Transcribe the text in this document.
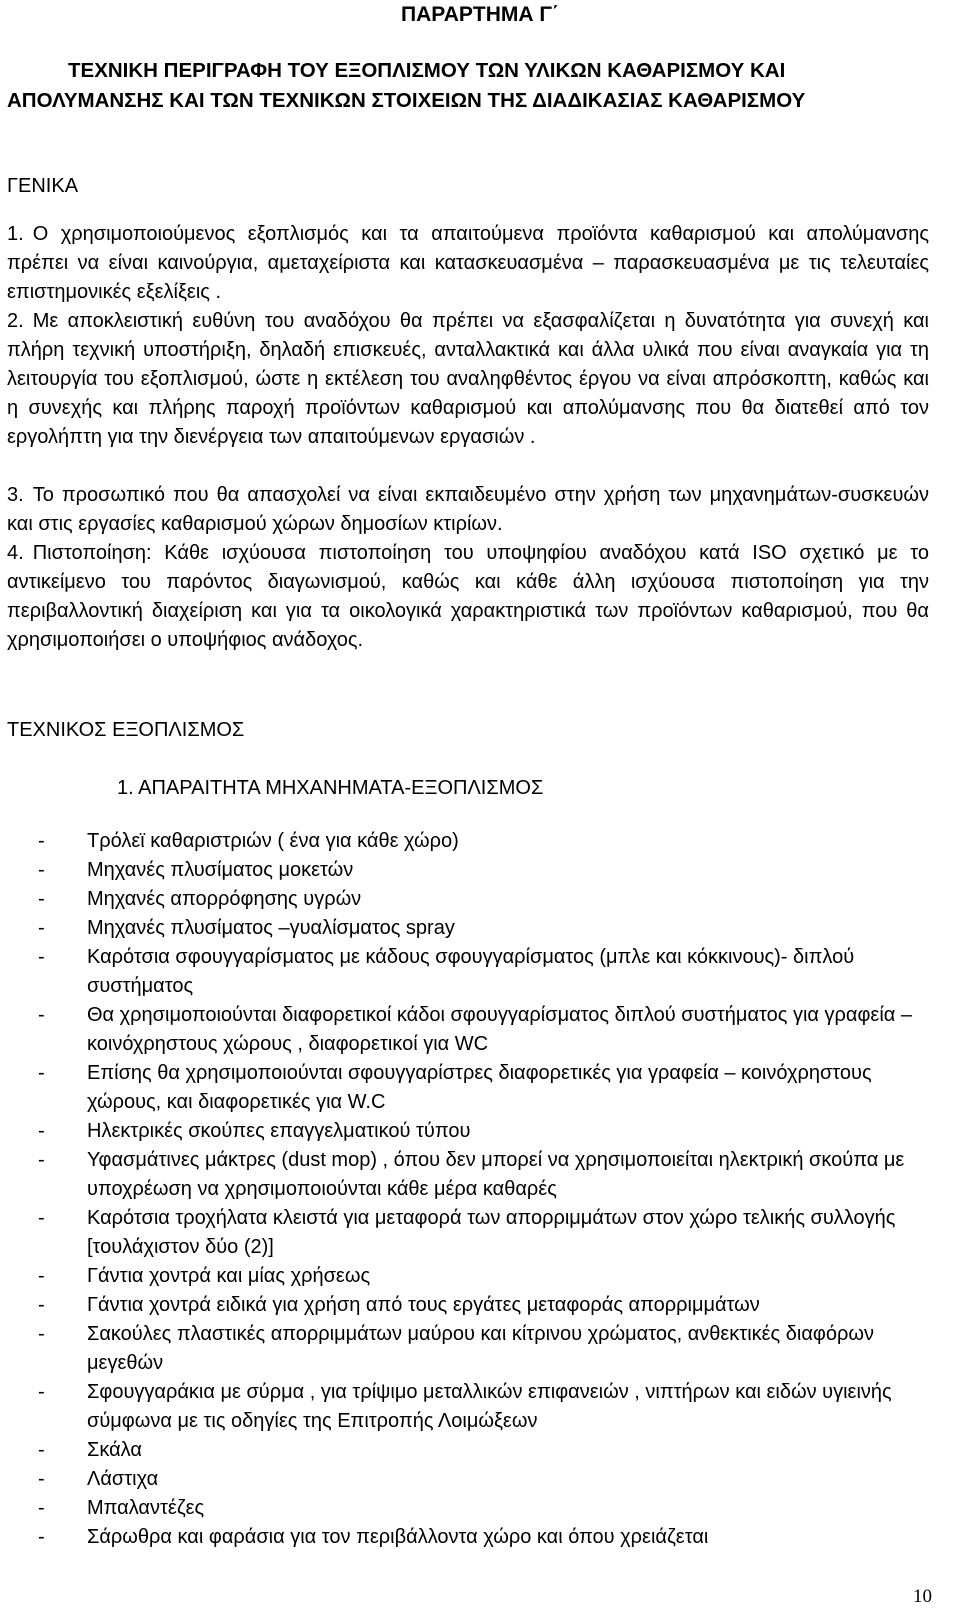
ΠΑΡΑΡΤΗΜΑ Γ΄
ΤΕΧΝΙΚΗ ΠΕΡΙΓΡΑΦΗ ΤΟΥ ΕΞΟΠΛΙΣΜΟΥ ΤΩΝ ΥΛΙΚΩΝ ΚΑΘΑΡΙΣΜΟΥ ΚΑΙ ΑΠΟΛΥΜΑΝΣΗΣ ΚΑΙ ΤΩΝ ΤΕΧΝΙΚΩΝ ΣΤΟΙΧΕΙΩΝ ΤΗΣ ΔΙΑΔΙΚΑΣΙΑΣ ΚΑΘΑΡΙΣΜΟΥ
ΓΕΝΙΚΑ
1. Ο χρησιμοποιούμενος εξοπλισμός και τα απαιτούμενα προϊόντα καθαρισμού και απολύμανσης πρέπει να είναι καινούργια, αμεταχείριστα και κατασκευασμένα – παρασκευασμένα με τις τελευταίες επιστημονικές εξελίξεις .
2. Με αποκλειστική ευθύνη του αναδόχου θα πρέπει να εξασφαλίζεται η δυνατότητα για συνεχή και πλήρη τεχνική υποστήριξη, δηλαδή επισκευές, ανταλλακτικά και άλλα υλικά που είναι αναγκαία για τη λειτουργία του εξοπλισμού, ώστε η εκτέλεση του αναληφθέντος έργου να είναι απρόσκοπτη, καθώς και η συνεχής και πλήρης παροχή προϊόντων καθαρισμού και απολύμανσης που θα διατεθεί από τον εργολήπτη για την διενέργεια των απαιτούμενων εργασιών .
3. Το προσωπικό που θα απασχολεί να είναι εκπαιδευμένο στην χρήση των μηχανημάτων-συσκευών και στις εργασίες καθαρισμού χώρων δημοσίων κτιρίων.
4. Πιστοποίηση: Κάθε ισχύουσα πιστοποίηση του υποψηφίου αναδόχου κατά ISO σχετικό με το αντικείμενο του παρόντος διαγωνισμού, καθώς και κάθε άλλη ισχύουσα πιστοποίηση για την περιβαλλοντική διαχείριση και για τα οικολογικά χαρακτηριστικά των προϊόντων καθαρισμού, που θα χρησιμοποιήσει ο υποψήφιος ανάδοχος.
ΤΕΧΝΙΚΟΣ ΕΞΟΠΛΙΣΜΟΣ
1. ΑΠΑΡΑΙΤΗΤΑ ΜΗΧΑΝΗΜΑΤΑ-ΕΞΟΠΛΙΣΜΟΣ
- Τρόλεϊ καθαριστριών ( ένα για κάθε χώρο)
- Μηχανές πλυσίματος μοκετών
- Μηχανές απορρόφησης υγρών
- Μηχανές πλυσίματος –γυαλίσματος spray
- Καρότσια σφουγγαρίσματος με κάδους σφουγγαρίσματος (μπλε και κόκκινους)- διπλού συστήματος
- Θα χρησιμοποιούνται διαφορετικοί κάδοι σφουγγαρίσματος διπλού συστήματος για γραφεία – κοινόχρηστους χώρους , διαφορετικοί για WC
- Επίσης θα χρησιμοποιούνται σφουγγαρίστρες διαφορετικές για γραφεία – κοινόχρηστους χώρους, και διαφορετικές για W.C
- Ηλεκτρικές σκούπες επαγγελματικού τύπου
- Υφασμάτινες μάκτρες (dust mop) , όπου δεν μπορεί να χρησιμοποιείται ηλεκτρική σκούπα με υποχρέωση να χρησιμοποιούνται κάθε μέρα καθαρές
- Καρότσια τροχήλατα κλειστά για μεταφορά των απορριμμάτων στον χώρο τελικής συλλογής [τουλάχιστον δύο (2)]
- Γάντια χοντρά και μίας χρήσεως
- Γάντια χοντρά ειδικά για χρήση από τους εργάτες μεταφοράς απορριμμάτων
- Σακούλες πλαστικές απορριμμάτων μαύρου και κίτρινου χρώματος, ανθεκτικές διαφόρων μεγεθών
- Σφουγγαράκια με σύρμα , για τρίψιμο μεταλλικών επιφανειών , νιπτήρων και ειδών υγιεινής σύμφωνα με τις οδηγίες της Επιτροπής Λοιμώξεων
- Σκάλα
- Λάστιχα
- Μπαλαντέζες
- Σάρωθρα και φαράσια για τον περιβάλλοντα χώρο και όπου χρειάζεται
10
